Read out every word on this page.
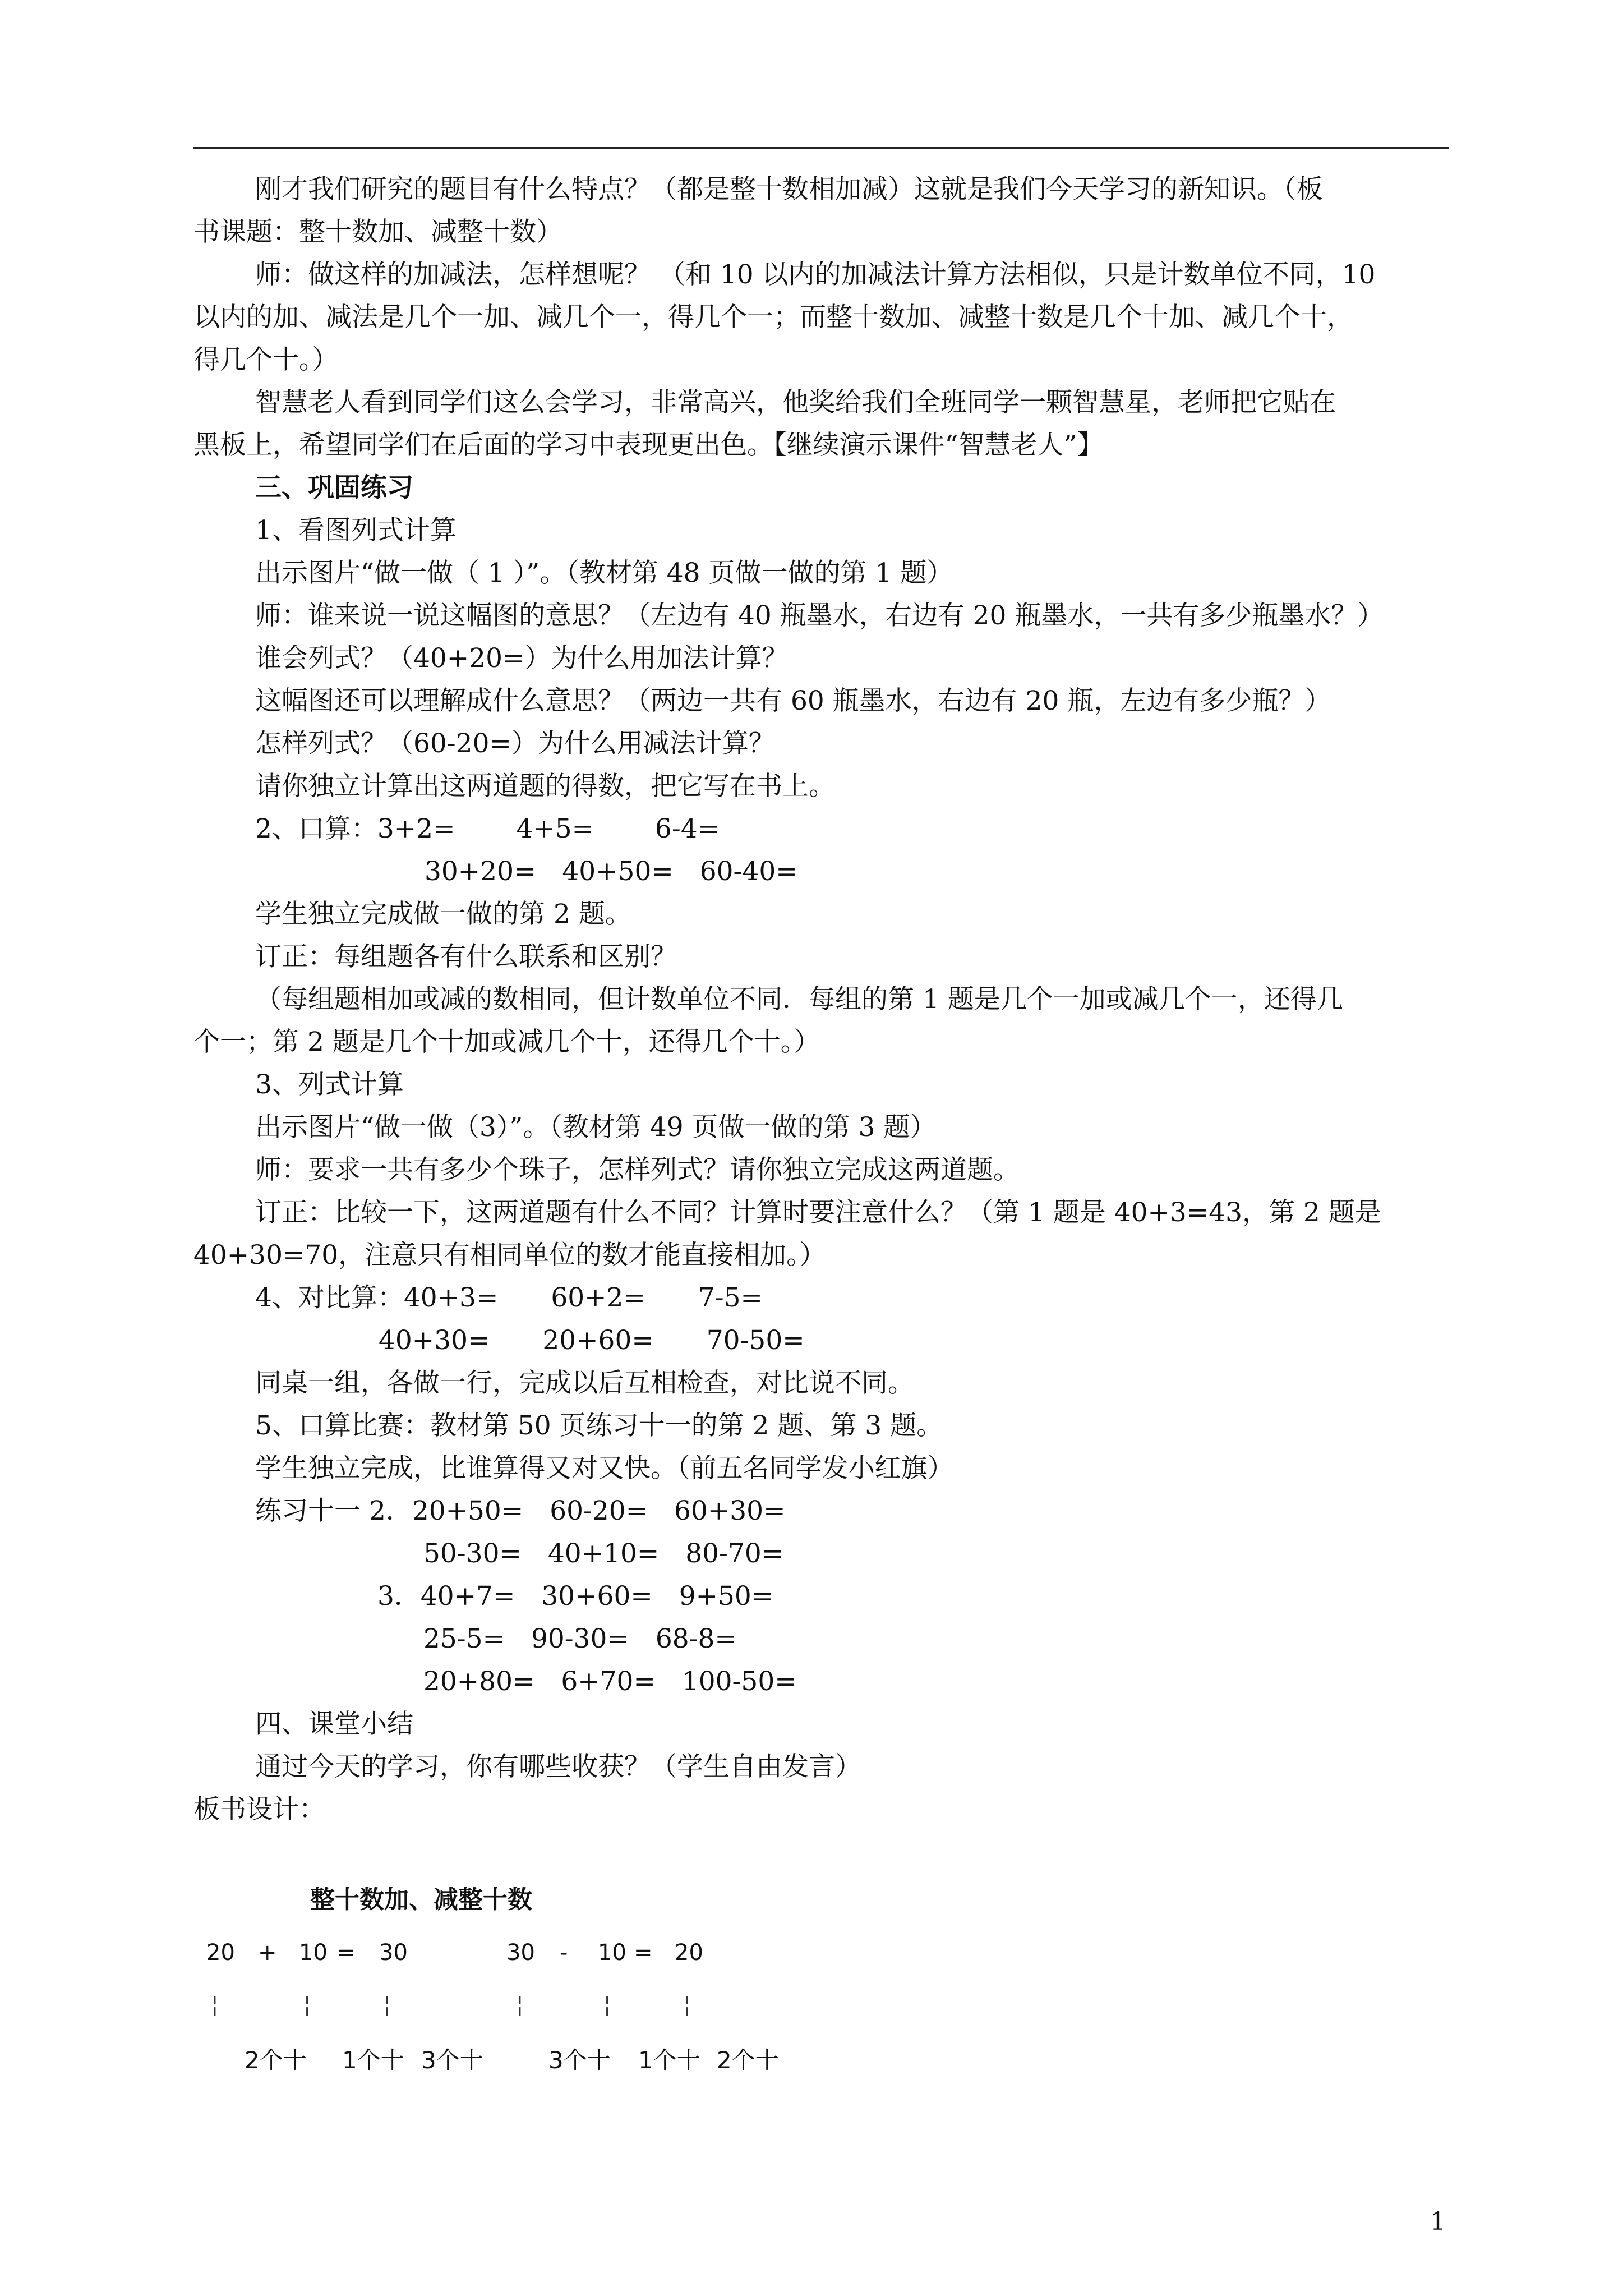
刚才我们研究的题目有什么特点？（都是整十数相加减）这就是我们今天学习的新知识。（板

书课题：整十数加、减整十数）

师：做这样的加减法，怎样想呢？ （和 10 以内的加减法计算方法相似，只是计数单位不同，10

以内的加、减法是几个一加、减几个一，得几个一；而整十数加、减整十数是几个十加、减几个十，

得几个十。）

智慧老人看到同学们这么会学习，非常高兴，他奖给我们全班同学一颗智慧星，老师把它贴在

黑板上，希望同学们在后面的学习中表现更出色。【继续演示课件“智慧老人”】

三、巩固练习

1、看图列式计算

出示图片“做一做（ 1 ）”。（教材第 48 页做一做的第 1 题）

师：谁来说一说这幅图的意思？（左边有 40 瓶墨水，右边有 20 瓶墨水，一共有多少瓶墨水？）

谁会列式？（40+20=）为什么用加法计算？

这幅图还可以理解成什么意思？（两边一共有 60 瓶墨水，右边有 20 瓶，左边有多少瓶？）

怎样列式？（60-20=）为什么用减法计算？

请你独立计算出这两道题的得数，把它写在书上。

2、口算：3+2=　　 4+5=　　 6-4=

30+20=　40+50=　60-40=

学生独立完成做一做的第 2 题。

订正：每组题各有什么联系和区别？

（每组题相加或减的数相同，但计数单位不同．每组的第 1 题是几个一加或减几个一，还得几

个一；第 2 题是几个十加或减几个十，还得几个十。）

3、列式计算

出示图片“做一做（3）”。（教材第 49 页做一做的第 3 题）

师：要求一共有多少个珠子，怎样列式？请你独立完成这两道题。

订正：比较一下，这两道题有什么不同？计算时要注意什么？（第 1 题是 40+3=43，第 2 题是

40+30=70，注意只有相同单位的数才能直接相加。）

4、对比算：40+3=　　60+2=　　7-5=

40+30=　　20+60=　　70-50=

同桌一组，各做一行，完成以后互相检查，对比说不同。

5、口算比赛：教材第 50 页练习十一的第 2 题、第 3 题。

学生独立完成，比谁算得又对又快。（前五名同学发小红旗）

练习十一 2．20+50=　60-20=　60+30=

50-30=　40+10=　80-70=

3．40+7=　30+60=　9+50=

25-5=　90-30=　68-8=

20+80=　6+70=　100-50=

四、课堂小结

通过今天的学习，你有哪些收获？（学生自由发言）

板书设计：

整十数加、减整十数
20 + 10 = 30	30 - 10 = 20
¦	¦	¦	¦	¦	¦
2个十 1个十 3个十	3个十 1个十 2个十
1
